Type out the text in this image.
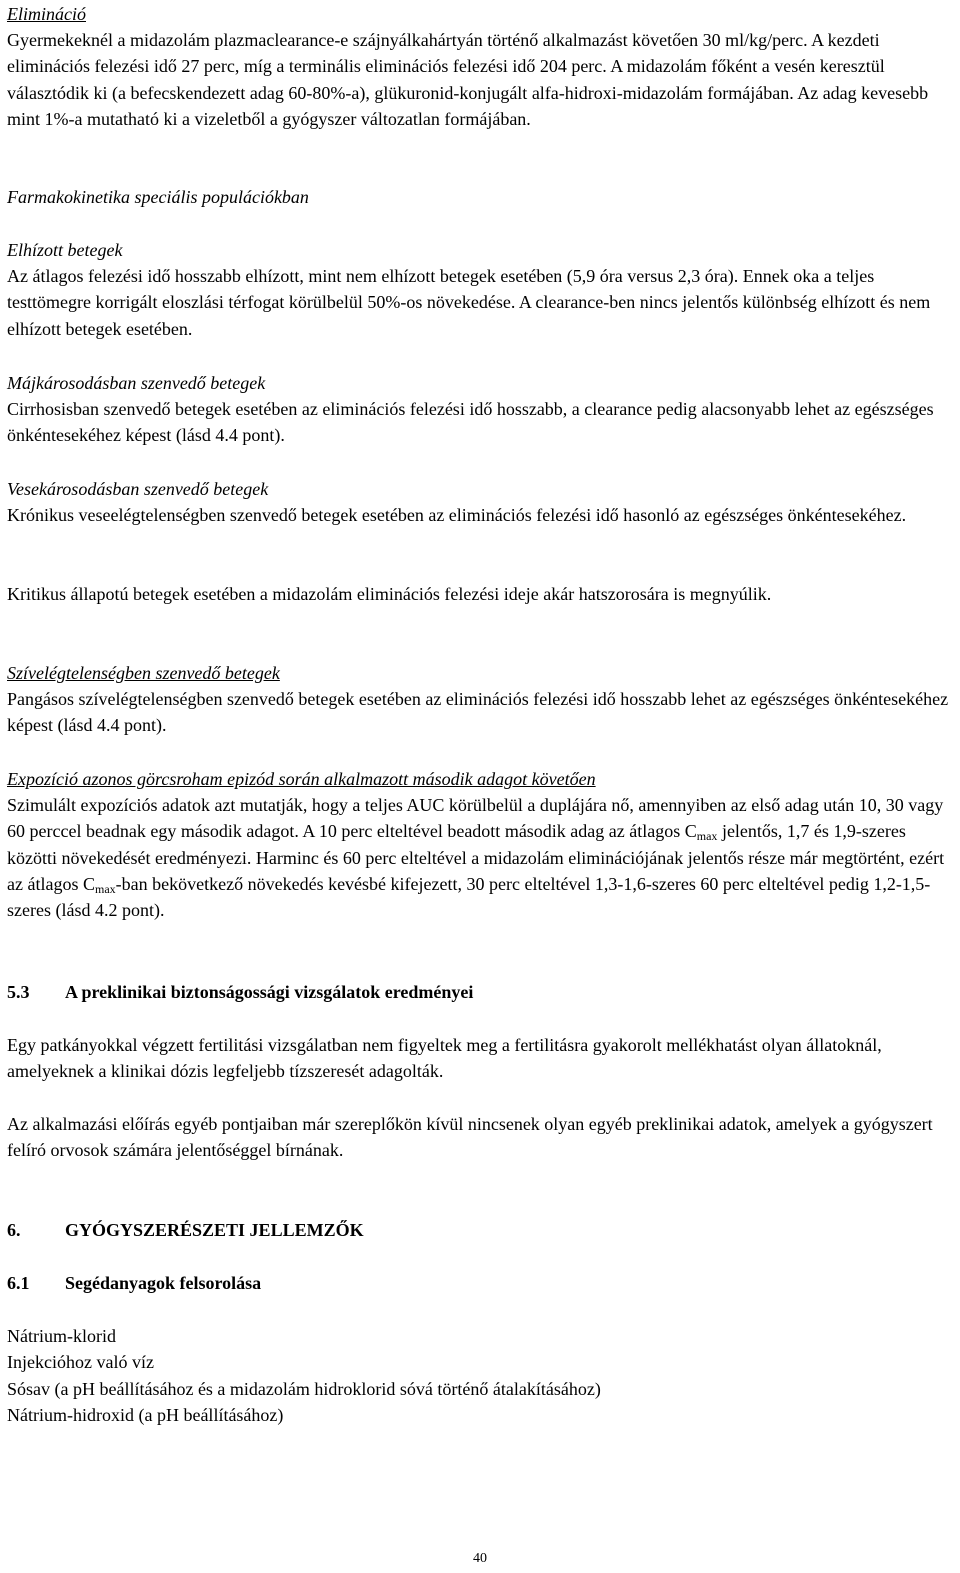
Elimináció

Gyermekeknél a midazolám plazmaclearance-e szájnyálkahártyán történő alkalmazást követően 30 ml/kg/perc. A kezdeti eliminációs felezési idő 27 perc, míg a terminális eliminációs felezési idő 204 perc. A midazolám főként a vesén keresztül választódik ki (a befecskendezett adag 60-80%-a), glükuronid-konjugált alfa-hidroxi-midazolám formájában. Az adag kevesebb mint 1%-a mutatható ki a vizeletből a gyógyszer változatlan formájában.

Farmakokinetika speciális populációkban

Elhízott betegek

Az átlagos felezési idő hosszabb elhízott, mint nem elhízott betegek esetében (5,9 óra versus 2,3 óra). Ennek oka a teljes testtömegre korrigált eloszlási térfogat körülbelül 50%-os növekedése. A clearance-ben nincs jelentős különbség elhízott és nem elhízott betegek esetében.

Májkárosodásban szenvedő betegek

Cirrhosisban szenvedő betegek esetében az eliminációs felezési idő hosszabb, a clearance pedig alacsonyabb lehet az egészséges önkéntesekéhez képest (lásd 4.4 pont).

Vesekárosodásban szenvedő betegek

Krónikus veseelégtelenségben szenvedő betegek esetében az eliminációs felezési idő hasonló az egészséges önkéntesekéhez.

Kritikus állapotú betegek esetében a midazolám eliminációs felezési ideje akár hatszorosára is megnyúlik.

Szívelégtelenségben szenvedő betegek

Pangásos szívelégtelenségben szenvedő betegek esetében az eliminációs felezési idő hosszabb lehet az egészséges önkéntesekéhez képest (lásd 4.4 pont).

Expozíció azonos görcsroham epizód során alkalmazott második adagot követően

Szimulált expozíciós adatok azt mutatják, hogy a teljes AUC körülbelül a duplájára nő, amennyiben az első adag után 10, 30 vagy 60 perccel beadnak egy második adagot. A 10 perc elteltével beadott második adag az átlagos $C_{max}$ jelentős, 1,7 és 1,9-szeres közötti növekedését eredményezi. Harminc és 60 perc elteltével a midazolám eliminációjának jelentős része már megtörtént, ezért az átlagos $C_{max}$-ban bekövetkező növekedés kevésbé kifejezett, 30 perc elteltével 1,3-1,6-szeres 60 perc elteltével pedig 1,2-1,5-szeres (lásd 4.2 pont).

5.3	A preklinikai biztonságossági vizsgálatok eredményei

Egy patkányokkal végzett fertilitási vizsgálatban nem figyeltek meg a fertilitásra gyakorolt mellékhatást olyan állatoknál, amelyeknek a klinikai dózis legfeljebb tízszeresét adagolták.

Az alkalmazási előírás egyéb pontjaiban már szereplőkön kívül nincsenek olyan egyéb preklinikai adatok, amelyek a gyógyszert felíró orvosok számára jelentőséggel bírnának.

6.	GYÓGYSZERÉSZETI JELLEMZŐK
6.1	Segédanyagok felsorolása

Nátrium-klorid

Injekcióhoz való víz

Sósav (a pH beállításához és a midazolám hidroklorid sóvá történő átalakításához)

Nátrium-hidroxid (a pH beállításához)

40
